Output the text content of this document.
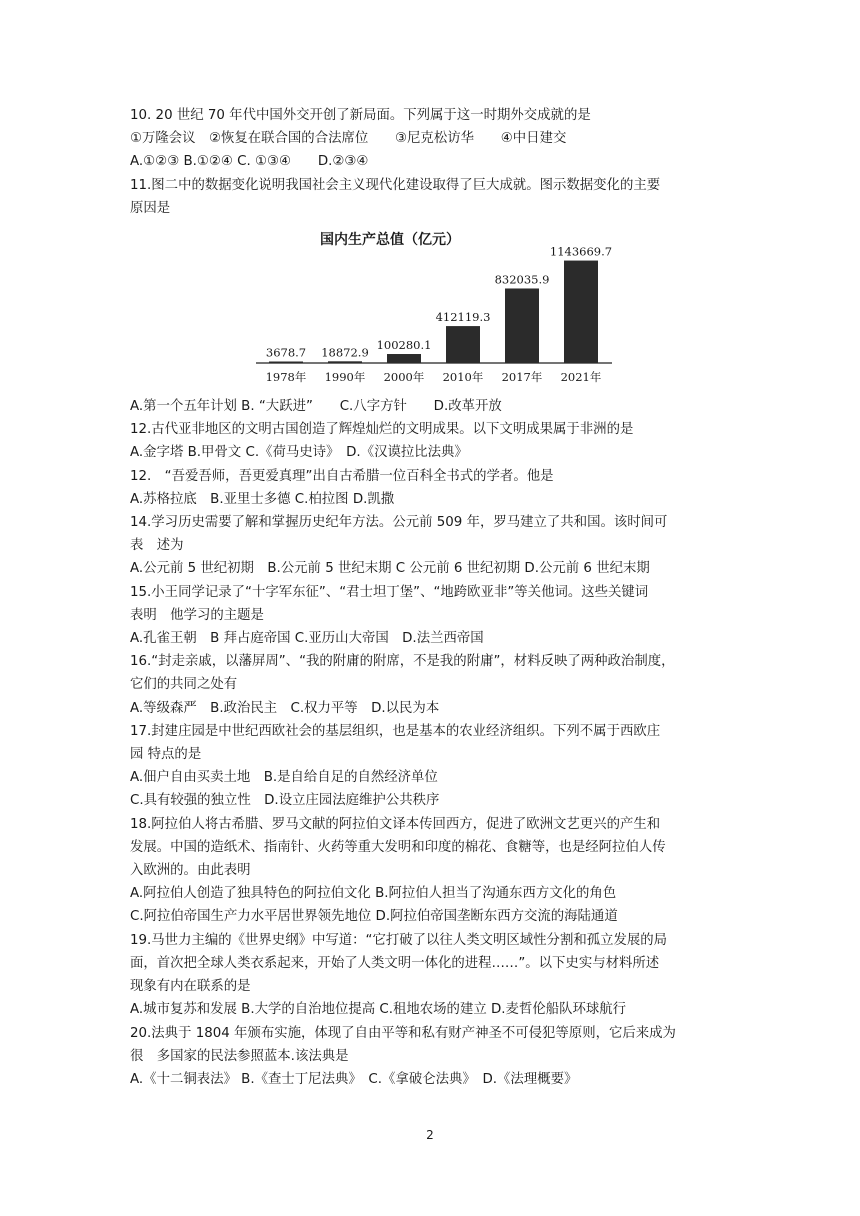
10. 20 世纪 70 年代中国外交开创了新局面。下列属于这一时期外交成就的是

①万隆会议　②恢复在联合国的合法席位　　③尼克松访华　　④中日建交

A.①②③ B.①②④ C. ①③④　　D.②③④

11.图二中的数据变化说明我国社会主义现代化建设取得了巨大成就。图示数据变化的主要

原因是

国内生产总值（亿元）
3678.7
1978年
18872.9
1990年
100280.1
2000年
412119.3
2010年
832035.9
2017年
1143669.7
2021年

A.第一个五年计划 B. “大跃进”　　C.八字方针　　D.改革开放

12.古代亚非地区的文明古国创造了辉煌灿烂的文明成果。以下文明成果属于非洲的是

A.金字塔 B.甲骨文 C.《荷马史诗》　D.《汉谟拉比法典》

12.　“吾爱吾师，吾更爱真理”出自古希腊一位百科全书式的学者。他是

A.苏格拉底　B.亚里士多德 C.柏拉图 D.凯撒

14.学习历史需要了解和掌握历史纪年方法。公元前 509 年，罗马建立了共和国。该时间可

表　述为

A.公元前 5 世纪初期　B.公元前 5 世纪末期 C 公元前 6 世纪初期 D.公元前 6 世纪末期

15.小王同学记录了“十字军东征”、“君士坦丁堡”、“地跨欧亚非”等关他词。这些关键词

表明　他学习的主题是

A.孔雀王朝　B 拜占庭帝国 C.亚历山大帝国　D.法兰西帝国

16.“封走亲戚，以藩屏周”、“我的附庸的附席，不是我的附庸”，材料反映了两种政治制度，

它们的共同之处有

A.等级森严　B.政治民主　C.权力平等　D.以民为本

17.封建庄园是中世纪西欧社会的基层组织，也是基本的农业经济组织。下列不属于西欧庄

园 特点的是

A.佃户自由买卖土地　B.是自给自足的自然经济单位

C.具有较强的独立性　D.设立庄园法庭维护公共秩序

18.阿拉伯人将古希腊、罗马文献的阿拉伯文译本传回西方，促进了欧洲文艺更兴的产生和

发展。中国的造纸术、指南针、火药等重大发明和印度的棉花、食糖等，也是经阿拉伯人传

入欧洲的。由此表明

A.阿拉伯人创造了独具特色的阿拉伯文化 B.阿拉伯人担当了沟通东西方文化的角色

C.阿拉伯帝国生产力水平居世界领先地位 D.阿拉伯帝国垄断东西方交流的海陆通道

19.马世力主编的《世界史纲》中写道：“它打破了以往人类文明区域性分割和孤立发展的局

面，首次把全球人类衣系起来，开始了人类文明一体化的进程……”。以下史实与材料所述

现象有内在联系的是

A.城市复苏和发展 B.大学的自治地位提高 C.租地农场的建立 D.麦哲伦船队环球航行

20.法典于 1804 年颁布实施，体现了自由平等和私有财产神圣不可侵犯等原则，它后来成为

很　多国家的民法参照蓝本.该法典是

A.《十二铜表法》 B.《查士丁尼法典》　C.《拿破仑法典》　D.《法理概要》

2
